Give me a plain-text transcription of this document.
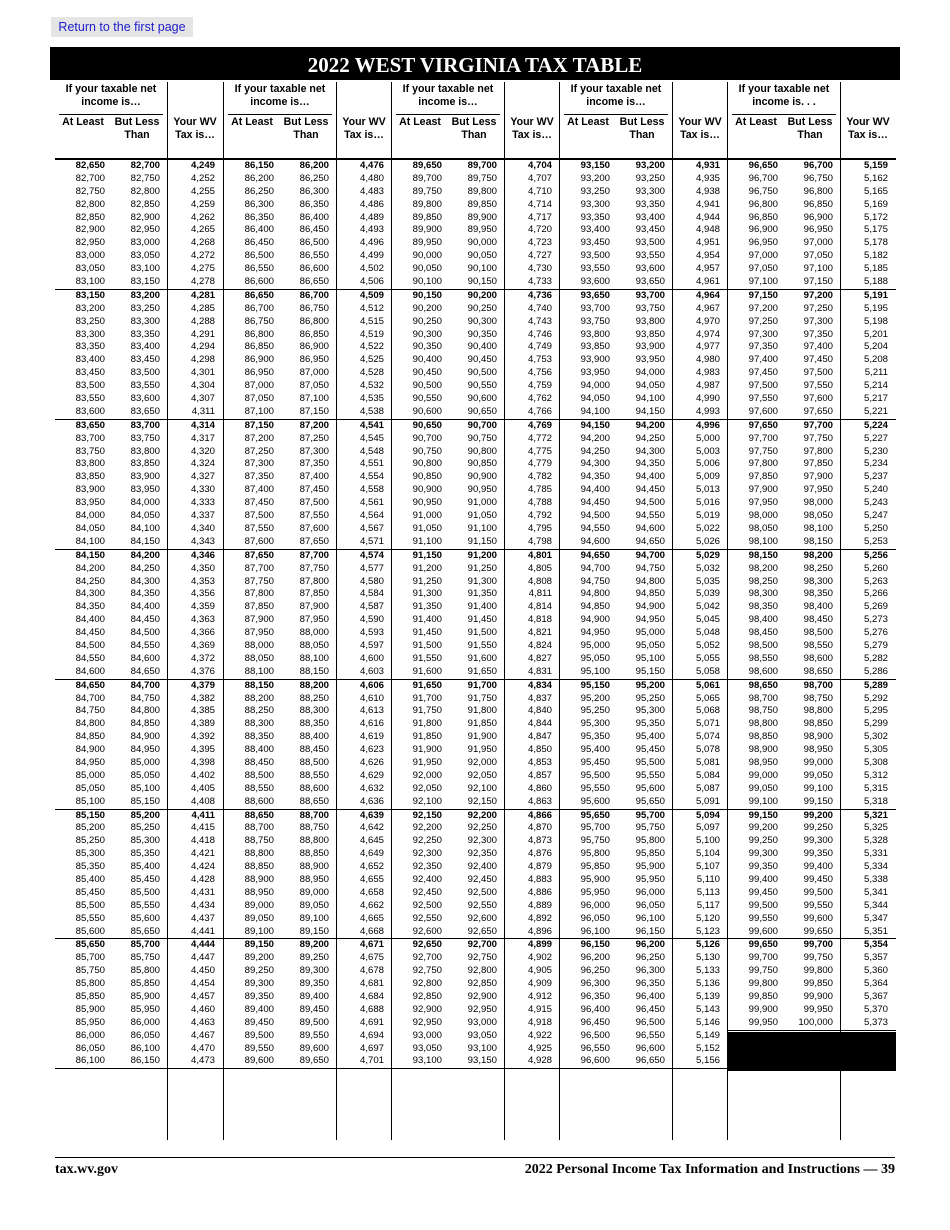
Return to the first page
2022 WEST VIRGINIA TAX TABLE
If your taxable net income is…
At Least But Less Than
Your WV Tax is…
82,650	82,700	4,249
82,700	82,750	4,252
82,750	82,800	4,255
82,800	82,850	4,259
82,850	82,900	4,262
82,900	82,950	4,265
82,950	83,000	4,268
83,000	83,050	4,272
83,050	83,100	4,275
83,100	83,150	4,278
83,150	83,200	4,281
83,200	83,250	4,285
83,250	83,300	4,288
83,300	83,350	4,291
83,350	83,400	4,294
83,400	83,450	4,298
83,450	83,500	4,301
83,500	83,550	4,304
83,550	83,600	4,307
83,600	83,650	4,311
83,650	83,700	4,314
83,700	83,750	4,317
83,750	83,800	4,320
83,800	83,850	4,324
83,850	83,900	4,327
83,900	83,950	4,330
83,950	84,000	4,333
84,000	84,050	4,337
84,050	84,100	4,340
84,100	84,150	4,343
84,150	84,200	4,346
84,200	84,250	4,350
84,250	84,300	4,353
84,300	84,350	4,356
84,350	84,400	4,359
84,400	84,450	4,363
84,450	84,500	4,366
84,500	84,550	4,369
84,550	84,600	4,372
84,600	84,650	4,376
84,650	84,700	4,379
84,700	84,750	4,382
84,750	84,800	4,385
84,800	84,850	4,389
84,850	84,900	4,392
84,900	84,950	4,395
84,950	85,000	4,398
85,000	85,050	4,402
85,050	85,100	4,405
85,100	85,150	4,408
85,150	85,200	4,411
85,200	85,250	4,415
85,250	85,300	4,418
85,300	85,350	4,421
85,350	85,400	4,424
85,400	85,450	4,428
85,450	85,500	4,431
85,500	85,550	4,434
85,550	85,600	4,437
85,600	85,650	4,441
85,650	85,700	4,444
85,700	85,750	4,447
85,750	85,800	4,450
85,800	85,850	4,454
85,850	85,900	4,457
85,900	85,950	4,460
85,950	86,000	4,463
86,000	86,050	4,467
86,050	86,100	4,470
86,100	86,150	4,473
If your taxable net income is…
At Least But Less Than
Your WV Tax is…
86,150	86,200	4,476
86,200	86,250	4,480
86,250	86,300	4,483
86,300	86,350	4,486
86,350	86,400	4,489
86,400	86,450	4,493
86,450	86,500	4,496
86,500	86,550	4,499
86,550	86,600	4,502
86,600	86,650	4,506
86,650	86,700	4,509
86,700	86,750	4,512
86,750	86,800	4,515
86,800	86,850	4,519
86,850	86,900	4,522
86,900	86,950	4,525
86,950	87,000	4,528
87,000	87,050	4,532
87,050	87,100	4,535
87,100	87,150	4,538
87,150	87,200	4,541
87,200	87,250	4,545
87,250	87,300	4,548
87,300	87,350	4,551
87,350	87,400	4,554
87,400	87,450	4,558
87,450	87,500	4,561
87,500	87,550	4,564
87,550	87,600	4,567
87,600	87,650	4,571
87,650	87,700	4,574
87,700	87,750	4,577
87,750	87,800	4,580
87,800	87,850	4,584
87,850	87,900	4,587
87,900	87,950	4,590
87,950	88,000	4,593
88,000	88,050	4,597
88,050	88,100	4,600
88,100	88,150	4,603
88,150	88,200	4,606
88,200	88,250	4,610
88,250	88,300	4,613
88,300	88,350	4,616
88,350	88,400	4,619
88,400	88,450	4,623
88,450	88,500	4,626
88,500	88,550	4,629
88,550	88,600	4,632
88,600	88,650	4,636
88,650	88,700	4,639
88,700	88,750	4,642
88,750	88,800	4,645
88,800	88,850	4,649
88,850	88,900	4,652
88,900	88,950	4,655
88,950	89,000	4,658
89,000	89,050	4,662
89,050	89,100	4,665
89,100	89,150	4,668
89,150	89,200	4,671
89,200	89,250	4,675
89,250	89,300	4,678
89,300	89,350	4,681
89,350	89,400	4,684
89,400	89,450	4,688
89,450	89,500	4,691
89,500	89,550	4,694
89,550	89,600	4,697
89,600	89,650	4,701
If your taxable net income is…
At Least But Less Than
Your WV Tax is…
89,650	89,700	4,704
89,700	89,750	4,707
89,750	89,800	4,710
89,800	89,850	4,714
89,850	89,900	4,717
89,900	89,950	4,720
89,950	90,000	4,723
90,000	90,050	4,727
90,050	90,100	4,730
90,100	90,150	4,733
90,150	90,200	4,736
90,200	90,250	4,740
90,250	90,300	4,743
90,300	90,350	4,746
90,350	90,400	4,749
90,400	90,450	4,753
90,450	90,500	4,756
90,500	90,550	4,759
90,550	90,600	4,762
90,600	90,650	4,766
90,650	90,700	4,769
90,700	90,750	4,772
90,750	90,800	4,775
90,800	90,850	4,779
90,850	90,900	4,782
90,900	90,950	4,785
90,950	91,000	4,788
91,000	91,050	4,792
91,050	91,100	4,795
91,100	91,150	4,798
91,150	91,200	4,801
91,200	91,250	4,805
91,250	91,300	4,808
91,300	91,350	4,811
91,350	91,400	4,814
91,400	91,450	4,818
91,450	91,500	4,821
91,500	91,550	4,824
91,550	91,600	4,827
91,600	91,650	4,831
91,650	91,700	4,834
91,700	91,750	4,837
91,750	91,800	4,840
91,800	91,850	4,844
91,850	91,900	4,847
91,900	91,950	4,850
91,950	92,000	4,853
92,000	92,050	4,857
92,050	92,100	4,860
92,100	92,150	4,863
92,150	92,200	4,866
92,200	92,250	4,870
92,250	92,300	4,873
92,300	92,350	4,876
92,350	92,400	4,879
92,400	92,450	4,883
92,450	92,500	4,886
92,500	92,550	4,889
92,550	92,600	4,892
92,600	92,650	4,896
92,650	92,700	4,899
92,700	92,750	4,902
92,750	92,800	4,905
92,800	92,850	4,909
92,850	92,900	4,912
92,900	92,950	4,915
92,950	93,000	4,918
93,000	93,050	4,922
93,050	93,100	4,925
93,100	93,150	4,928
If your taxable net income is…
At Least But Less Than
Your WV Tax is…
93,150	93,200	4,931
93,200	93,250	4,935
93,250	93,300	4,938
93,300	93,350	4,941
93,350	93,400	4,944
93,400	93,450	4,948
93,450	93,500	4,951
93,500	93,550	4,954
93,550	93,600	4,957
93,600	93,650	4,961
93,650	93,700	4,964
93,700	93,750	4,967
93,750	93,800	4,970
93,800	93,850	4,974
93,850	93,900	4,977
93,900	93,950	4,980
93,950	94,000	4,983
94,000	94,050	4,987
94,050	94,100	4,990
94,100	94,150	4,993
94,150	94,200	4,996
94,200	94,250	5,000
94,250	94,300	5,003
94,300	94,350	5,006
94,350	94,400	5,009
94,400	94,450	5,013
94,450	94,500	5,016
94,500	94,550	5,019
94,550	94,600	5,022
94,600	94,650	5,026
94,650	94,700	5,029
94,700	94,750	5,032
94,750	94,800	5,035
94,800	94,850	5,039
94,850	94,900	5,042
94,900	94,950	5,045
94,950	95,000	5,048
95,000	95,050	5,052
95,050	95,100	5,055
95,100	95,150	5,058
95,150	95,200	5,061
95,200	95,250	5,065
95,250	95,300	5,068
95,300	95,350	5,071
95,350	95,400	5,074
95,400	95,450	5,078
95,450	95,500	5,081
95,500	95,550	5,084
95,550	95,600	5,087
95,600	95,650	5,091
95,650	95,700	5,094
95,700	95,750	5,097
95,750	95,800	5,100
95,800	95,850	5,104
95,850	95,900	5,107
95,900	95,950	5,110
95,950	96,000	5,113
96,000	96,050	5,117
96,050	96,100	5,120
96,100	96,150	5,123
96,150	96,200	5,126
96,200	96,250	5,130
96,250	96,300	5,133
96,300	96,350	5,136
96,350	96,400	5,139
96,400	96,450	5,143
96,450	96,500	5,146
96,500	96,550	5,149
96,550	96,600	5,152
96,600	96,650	5,156
If your taxable net income is. . .
At Least But Less Than
Your WV Tax is…
96,650	96,700	5,159
96,700	96,750	5,162
96,750	96,800	5,165
96,800	96,850	5,169
96,850	96,900	5,172
96,900	96,950	5,175
96,950	97,000	5,178
97,000	97,050	5,182
97,050	97,100	5,185
97,100	97,150	5,188
97,150	97,200	5,191
97,200	97,250	5,195
97,250	97,300	5,198
97,300	97,350	5,201
97,350	97,400	5,204
97,400	97,450	5,208
97,450	97,500	5,211
97,500	97,550	5,214
97,550	97,600	5,217
97,600	97,650	5,221
97,650	97,700	5,224
97,700	97,750	5,227
97,750	97,800	5,230
97,800	97,850	5,234
97,850	97,900	5,237
97,900	97,950	5,240
97,950	98,000	5,243
98,000	98,050	5,247
98,050	98,100	5,250
98,100	98,150	5,253
98,150	98,200	5,256
98,200	98,250	5,260
98,250	98,300	5,263
98,300	98,350	5,266
98,350	98,400	5,269
98,400	98,450	5,273
98,450	98,500	5,276
98,500	98,550	5,279
98,550	98,600	5,282
98,600	98,650	5,286
98,650	98,700	5,289
98,700	98,750	5,292
98,750	98,800	5,295
98,800	98,850	5,299
98,850	98,900	5,302
98,900	98,950	5,305
98,950	99,000	5,308
99,000	99,050	5,312
99,050	99,100	5,315
99,100	99,150	5,318
99,150	99,200	5,321
99,200	99,250	5,325
99,250	99,300	5,328
99,300	99,350	5,331
99,350	99,400	5,334
99,400	99,450	5,338
99,450	99,500	5,341
99,500	99,550	5,344
99,550	99,600	5,347
99,600	99,650	5,351
99,650	99,700	5,354
99,700	99,750	5,357
99,750	99,800	5,360
99,800	99,850	5,364
99,850	99,900	5,367
99,900	99,950	5,370
99,950 100,000	5,373
tax.wv.gov	2022 Personal Income Tax Information and Instructions — 39
